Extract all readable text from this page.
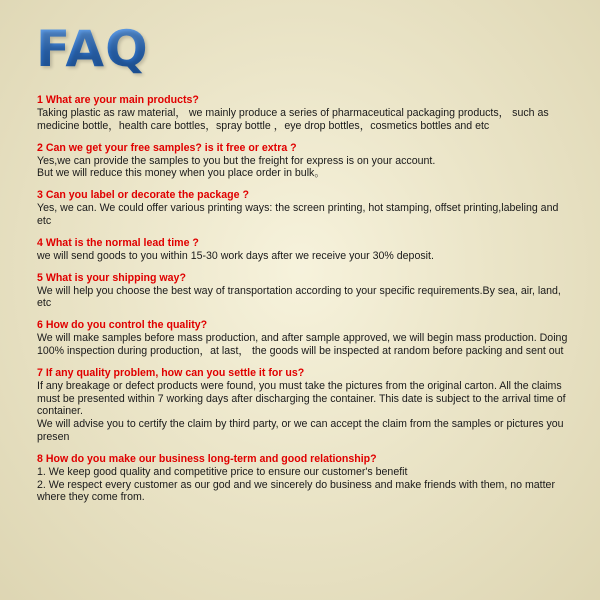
FAQ
1 What are your main products?

Taking plastic as raw material， we mainly produce a series of pharmaceutical packaging products， such as medicine bottle，health care bottles，spray bottle ，eye drop bottles，cosmetics bottles and etc

2 Can we get your free samples? is it free or extra ?

Yes,we can provide the samples to you but the freight for express is on your account.

But we will reduce this money when you place order in bulk。

3 Can you label or decorate the package ?

Yes, we can. We could offer various printing ways: the screen printing, hot stamping, offset printing,labeling and etc

4 What is the normal lead time ?

we will send goods to you within 15-30 work days after we receive your 30% deposit.

5 What is your shipping way?

We will help you choose the best way of transportation according to your specific requirements.By sea, air, land, etc

6 How do you control the quality?

We will make samples before mass production, and after sample approved, we will begin mass production. Doing 100% inspection during production，at last， the goods will be inspected at random before packing and sent out

7 If any quality problem, how can you settle it for us?

If any breakage or defect products were found, you must take the pictures from the original carton. All the claims must be presented within 7 working days after discharging the container. This date is subject to the arrival time of container.

We will advise you to certify the claim by third party, or we can accept the claim from the samples or pictures you presen

8 How do you make our business long-term and good relationship?

1. We keep good quality and competitive price to ensure our customer's benefit

2. We respect every customer as our god and we sincerely do business and make friends with them, no matter where they come from.
